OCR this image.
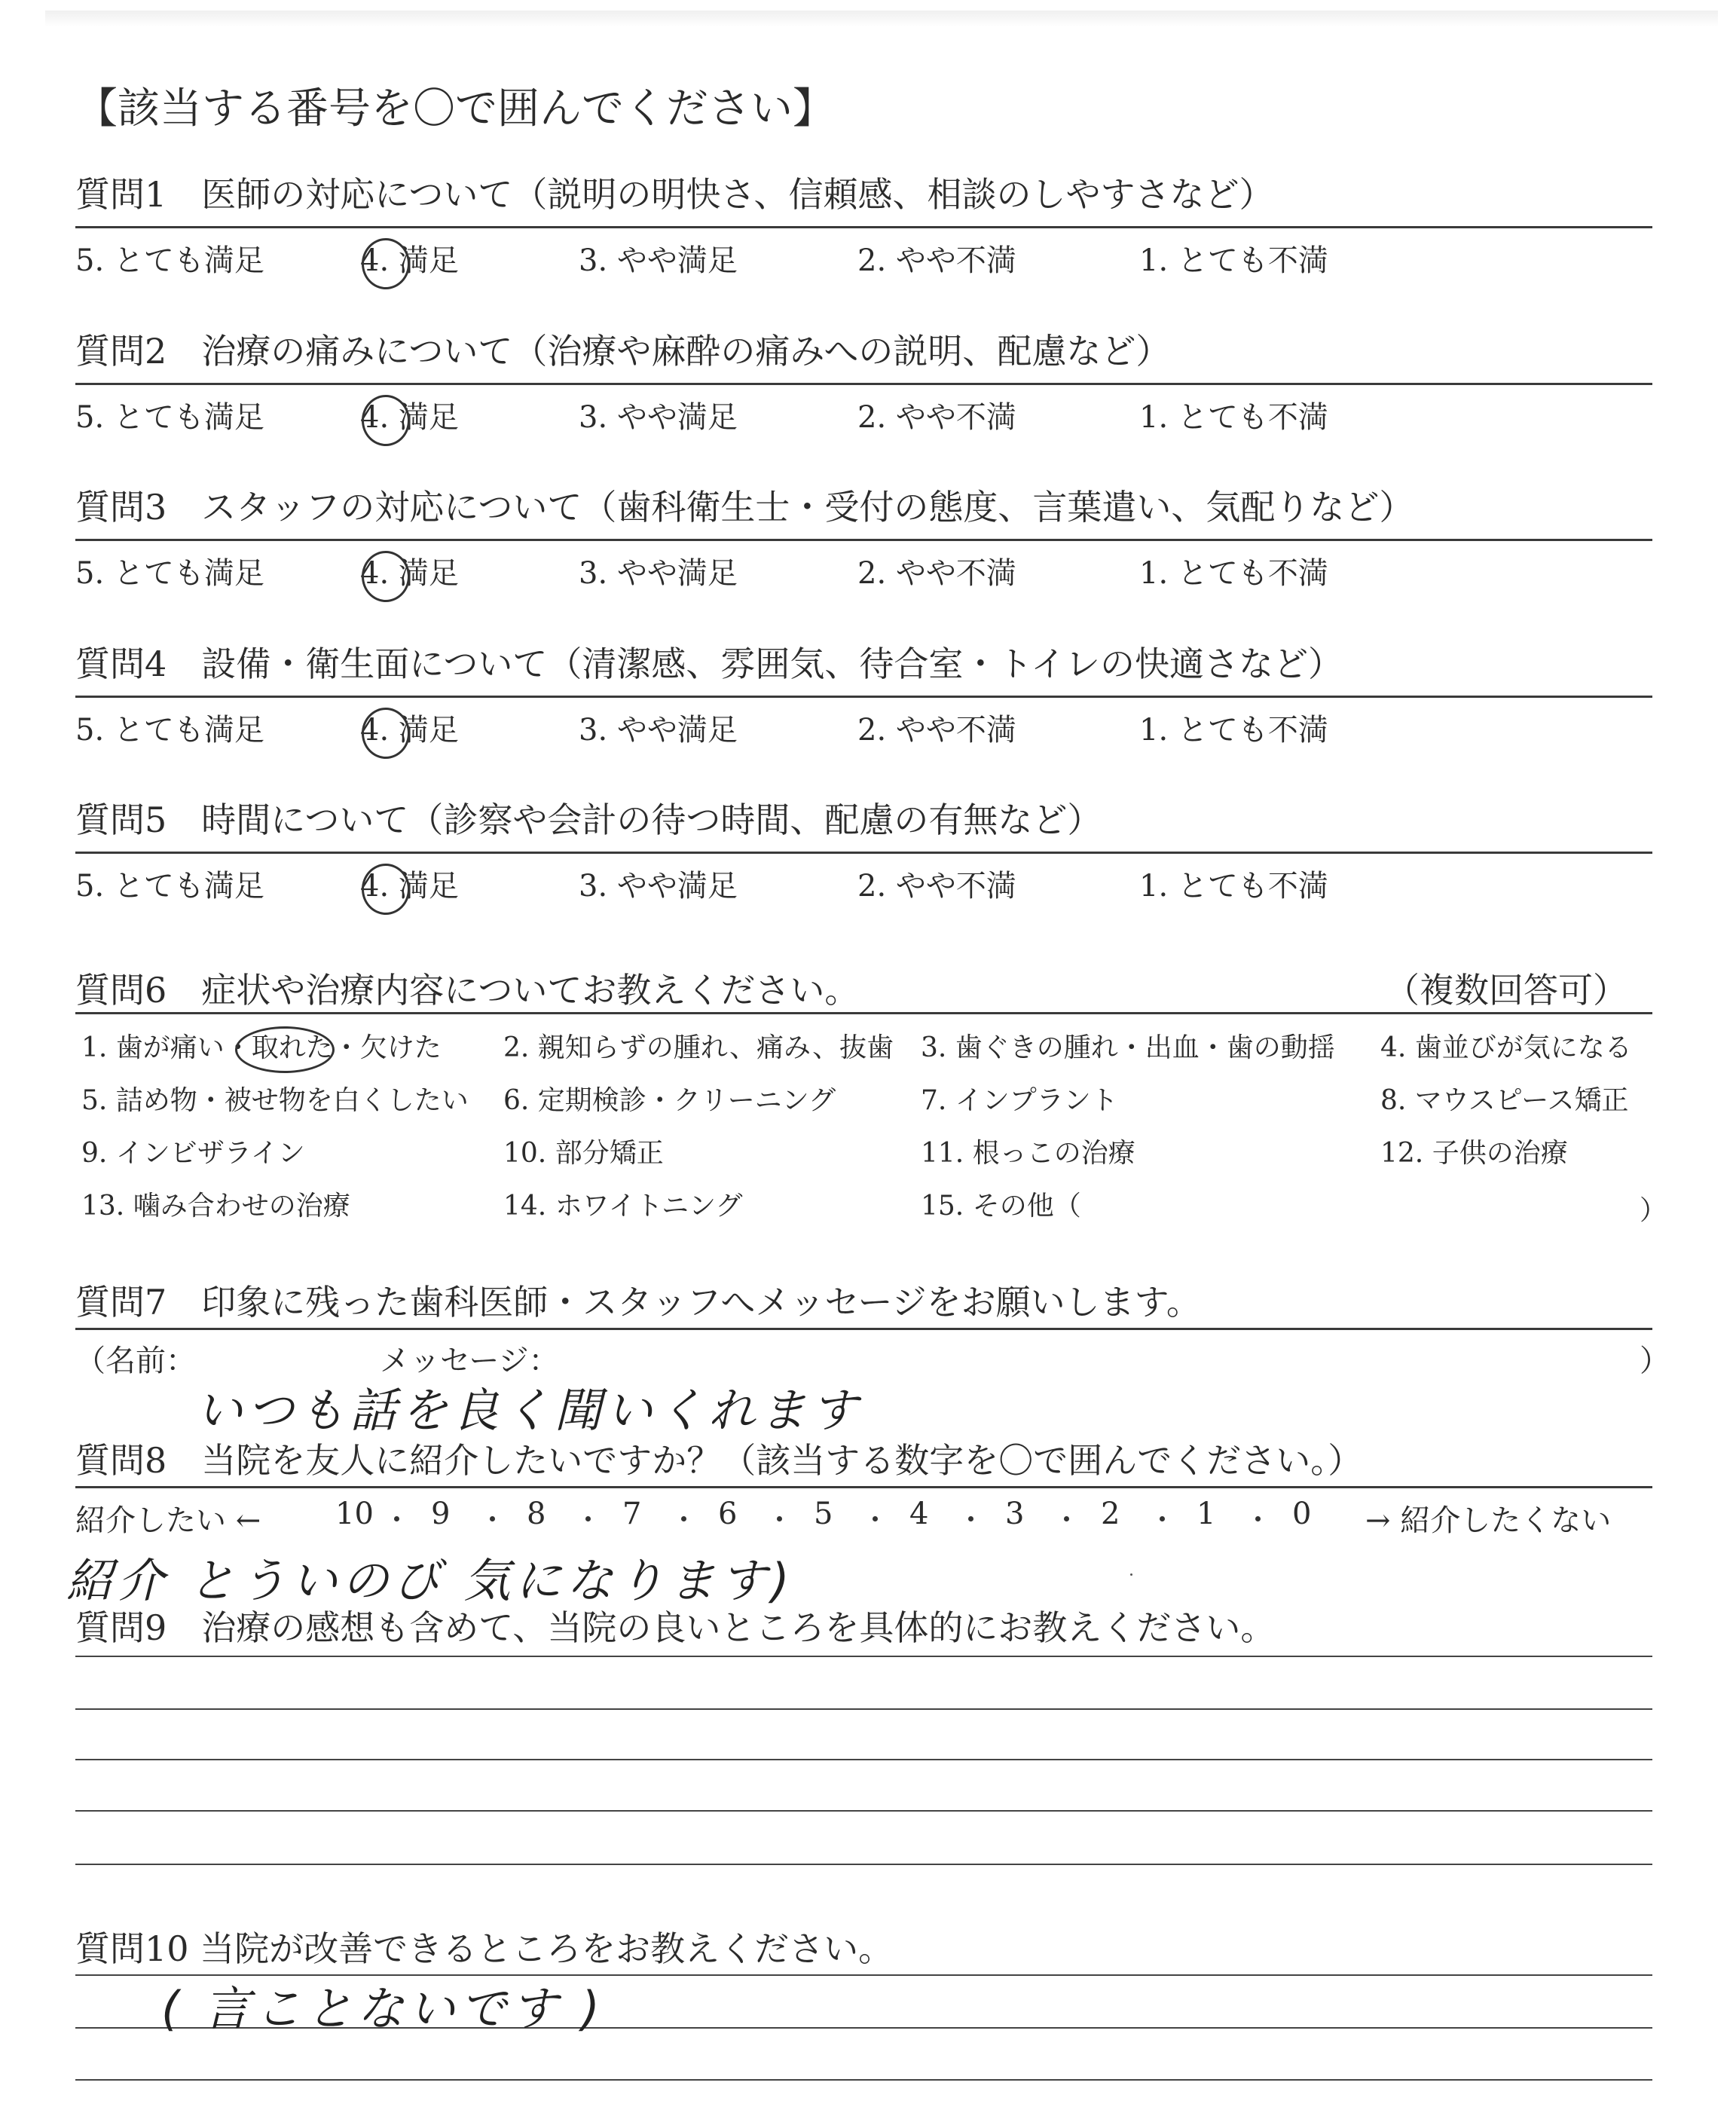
【該当する番号を〇で囲んでください】
質問1　医師の対応について（説明の明快さ、信頼感、相談のしやすさなど）
5. とても満足	4. 満足	3. やや満足	2. やや不満	1. とても不満
質問2　治療の痛みについて（治療や麻酔の痛みへの説明、配慮など）
5. とても満足	4. 満足	3. やや満足	2. やや不満	1. とても不満
質問3　スタッフの対応について（歯科衛生士・受付の態度、言葉遣い、気配りなど）
5. とても満足	4. 満足	3. やや満足	2. やや不満	1. とても不満
質問4　設備・衛生面について（清潔感、雰囲気、待合室・トイレの快適さなど）
5. とても満足	4. 満足	3. やや満足	2. やや不満	1. とても不満
質問5　時間について（診察や会計の待つ時間、配慮の有無など）
5. とても満足	4. 満足	3. やや満足	2. やや不満	1. とても不満
質問6　症状や治療内容についてお教えください。	（複数回答可）
1. 歯が痛い・取れた・欠けた 2. 親知らずの腫れ、痛み、抜歯 3. 歯ぐきの腫れ・出血・歯の動揺 4. 歯並びが気になる
5. 詰め物・被せ物を白くしたい 6. 定期検診・クリーニング	7. インプラント	8. マウスピース矯正
9. インビザライン	10. 部分矯正	11. 根っこの治療	12. 子供の治療
13. 噛み合わせの治療	14. ホワイトニング	15. その他（	）
質問7　印象に残った歯科医師・スタッフへメッセージをお願いします。
（名前：	メッセージ：	）
いつも話を良く聞いくれます
質問8　当院を友人に紹介したいですか？（該当する数字を〇で囲んでください。）
紹介したい ← 10 9	8	7	6	5	4	3	2	1	0 → 紹介したくない
紹介 とういのび 気になります)
質問9　治療の感想も含めて、当院の良いところを具体的にお教えください。
質問10 当院が改善できるところをお教えください。
( 言ことないです )
